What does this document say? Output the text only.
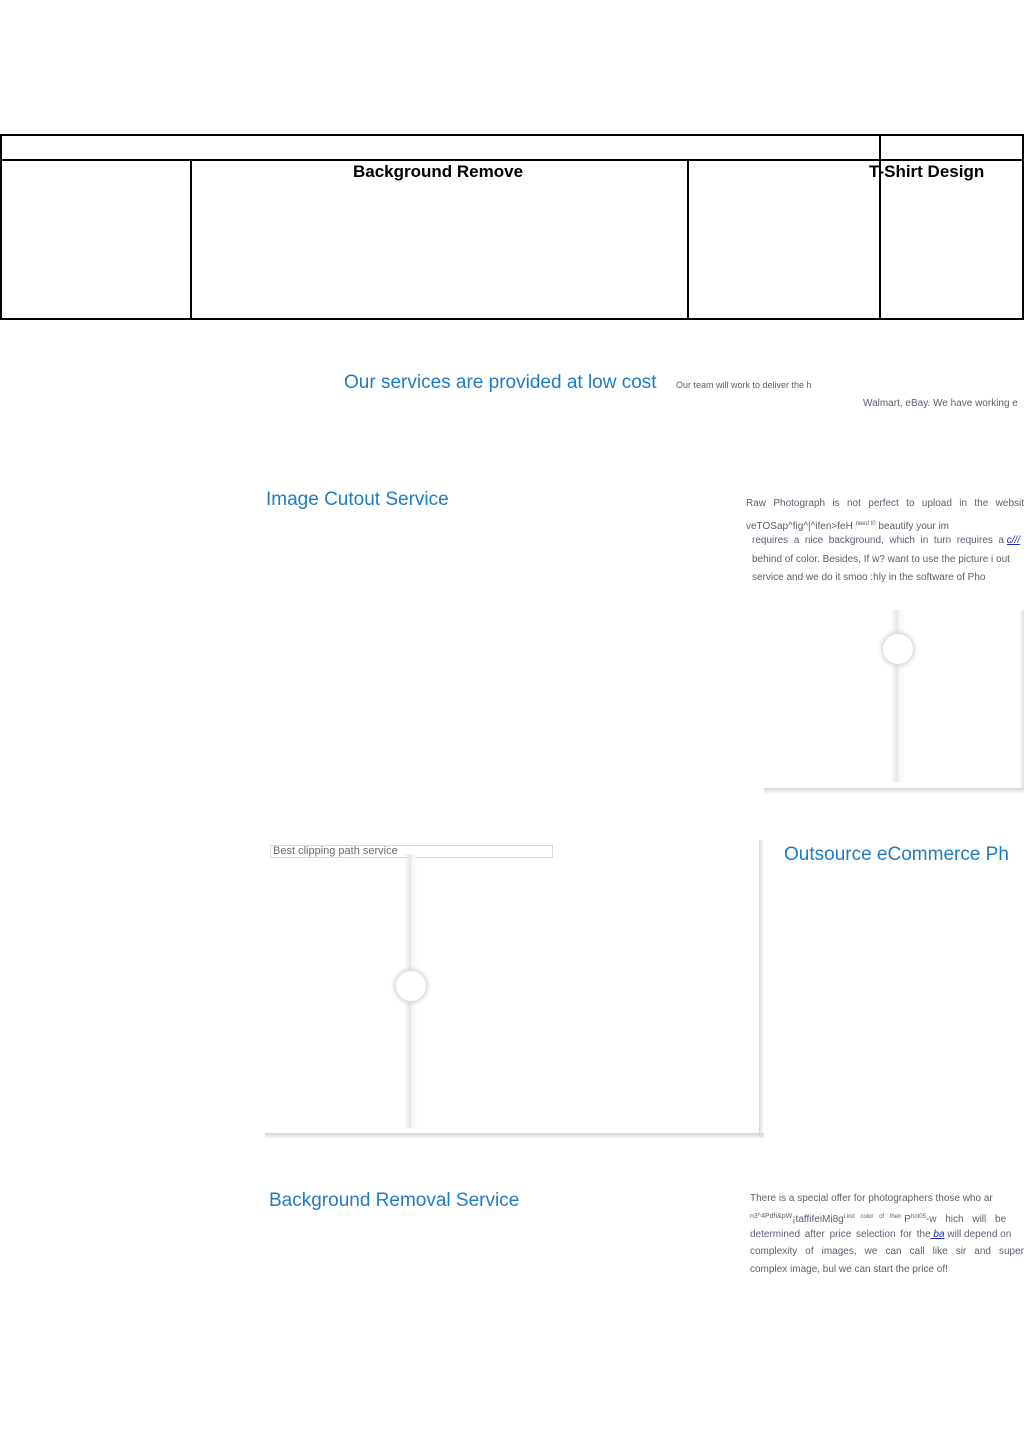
Background Remove	T-Shirt Design
Our services are provided at low cost Our team will work to deliver the h
Walmart, eBay. We have working e
Image Cutout Service	Raw Photograph is not perfect to upload in the websit
veTOSap^fig^|^ifen>feH $^{need t0}$ beautify your im
requires a nice background, which in turn requires a c///
behind of color. Besides, If w? want to use the picture i out
service and we do it smoo :hly in the software of Pho
Best clipping path service	Outsource eCommerce Ph
Background Removal Service	There is a special offer for photographers those who ar
$^{n3\^{}4Pdfi\&pW}¡taffifeiMi8g^{i.ind color of their}$ $P^{hot05}-w$ hich will be
determined after price selection for the ba will depend on
complexity of images, we can call like sir and super
complex image, bul we can start the price of!
